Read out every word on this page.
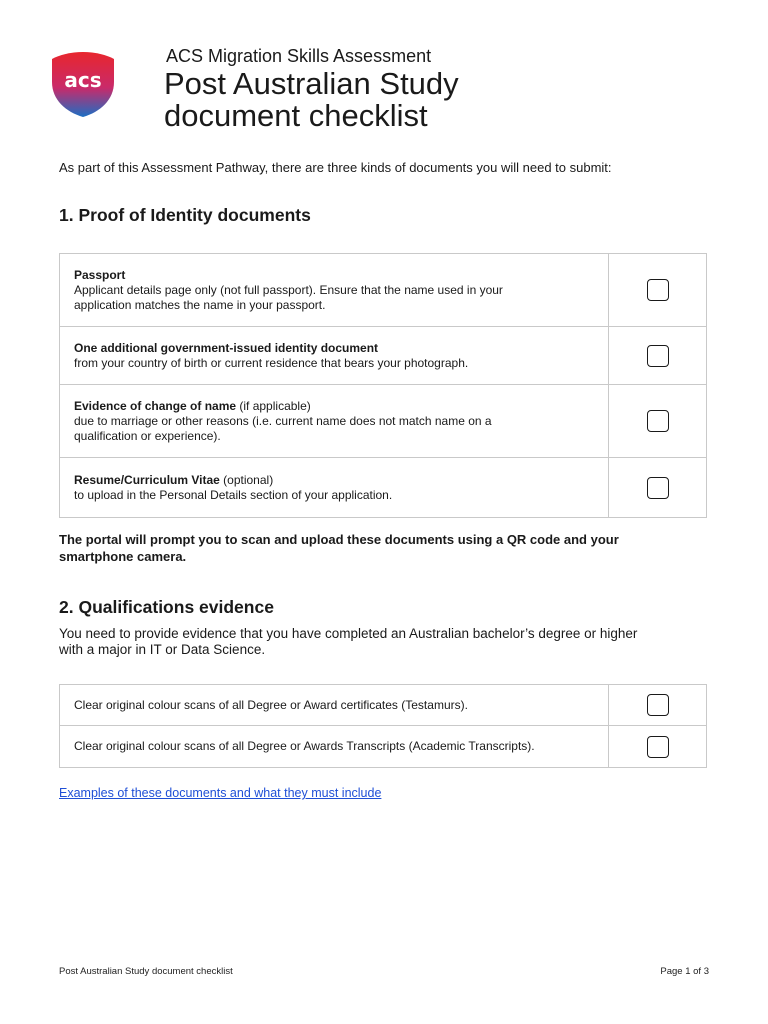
acs
ACS Migration Skills Assessment
Post Australian Study
document checklist
As part of this Assessment Pathway, there are three kinds of documents you will need to submit:
1. Proof of Identity documents
Passport
Applicant details page only (not full passport). Ensure that the name used in your
application matches the name in your passport.
One additional government-issued identity document
from your country of birth or current residence that bears your photograph.
Evidence of change of name (if applicable)
due to marriage or other reasons (i.e. current name does not match name on a
qualification or experience).
Resume/Curriculum Vitae (optional)
to upload in the Personal Details section of your application.
The portal will prompt you to scan and upload these documents using a QR code and your
smartphone camera.
2. Qualifications evidence
You need to provide evidence that you have completed an Australian bachelor’s degree or higher
with a major in IT or Data Science.
Clear original colour scans of all Degree or Award certificates (Testamurs).
Clear original colour scans of all Degree or Awards Transcripts (Academic Transcripts).
Examples of these documents and what they must include
Post Australian Study document checklist	Page 1 of 3
